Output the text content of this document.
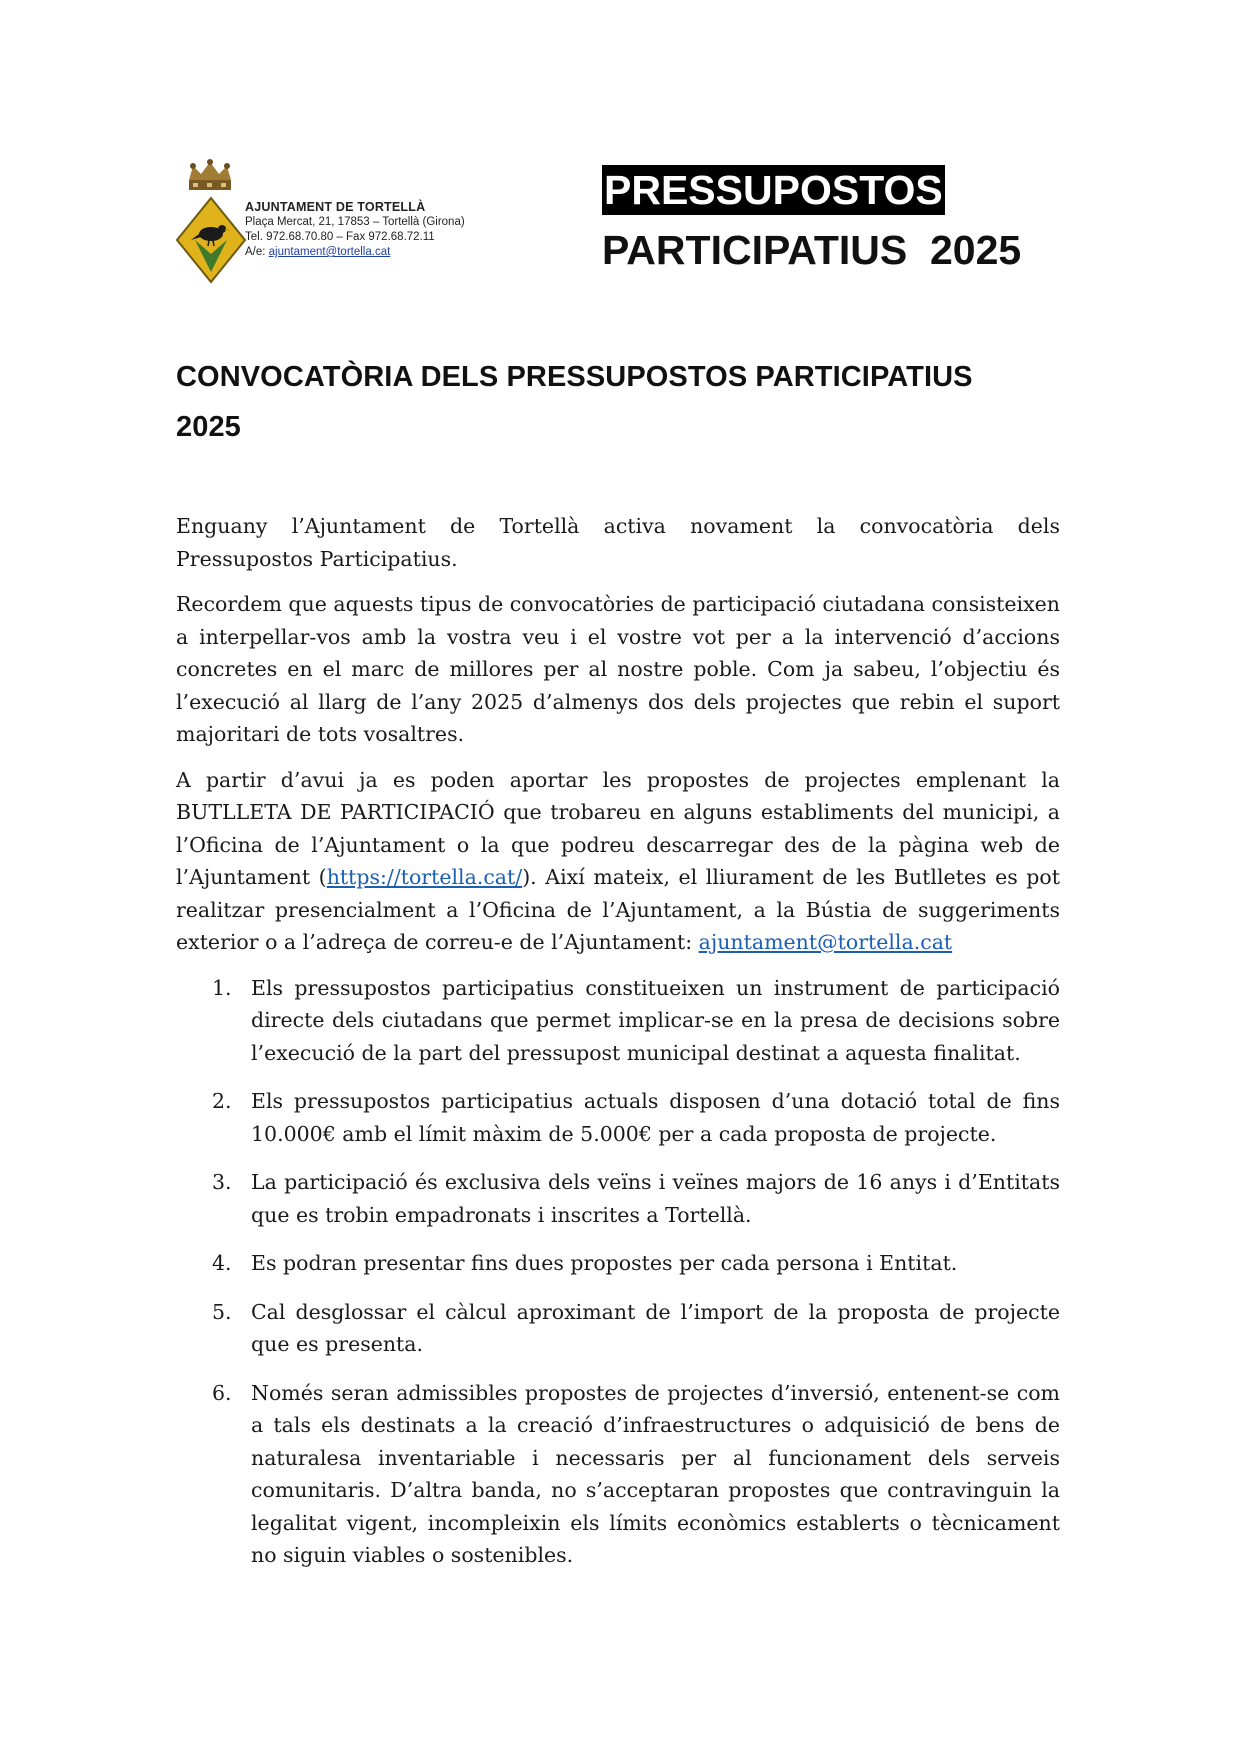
AJUNTAMENT DE TORTELLÀ
Plaça Mercat, 21, 17853 – Tortellà (Girona)
Tel. 972.68.70.80 – Fax 972.68.72.11
A/e: ajuntament@tortella.cat
PRESSUPOSTOS
PARTICIPATIUS  2025
CONVOCATÒRIA DELS PRESSUPOSTOS PARTICIPATIUS
2025

Enguany l’Ajuntament de Tortellà activa novament la convocatòria dels Pressupostos Participatius.

Recordem que aquests tipus de convocatòries de participació ciutadana consisteixen a interpellar-vos amb la vostra veu i el vostre vot per a la intervenció d’accions concretes en el marc de millores per al nostre poble. Com ja sabeu, l’objectiu és l’execució al llarg de l’any 2025 d’almenys dos dels projectes que rebin el suport majoritari de tots vosaltres.

A partir d’avui ja es poden aportar les propostes de projectes emplenant la BUTLLETA DE PARTICIPACIÓ que trobareu en alguns establiments del municipi, a l’Oficina de l’Ajuntament o la que podreu descarregar des de la pàgina web de l’Ajuntament (https://tortella.cat/). Així mateix, el lliurament de les Butlletes es pot realitzar presencialment a l’Oficina de l’Ajuntament, a la Bústia de suggeriments exterior o a l’adreça de correu-e de l’Ajuntament: ajuntament@tortella.cat

1. Els pressupostos participatius constitueixen un instrument de participació directe dels ciutadans que permet implicar-se en la presa de decisions sobre l’execució de la part del pressupost municipal destinat a aquesta finalitat.
2. Els pressupostos participatius actuals disposen d’una dotació total de fins 10.000€ amb el límit màxim de 5.000€ per a cada proposta de projecte.
3. La participació és exclusiva dels veïns i veïnes majors de 16 anys i d’Entitats que es trobin empadronats i inscrites a Tortellà.
4. Es podran presentar fins dues propostes per cada persona i Entitat.
5. Cal desglossar el càlcul aproximant de l’import de la proposta de projecte que es presenta.
6. Només seran admissibles propostes de projectes d’inversió, entenent-se com a tals els destinats a la creació d’infraestructures o adquisició de bens de naturalesa inventariable i necessaris per al funcionament dels serveis comunitaris. D’altra banda, no s’acceptaran propostes que contravinguin la legalitat vigent, incompleixin els límits econòmics establerts o tècnicament no siguin viables o sostenibles.
